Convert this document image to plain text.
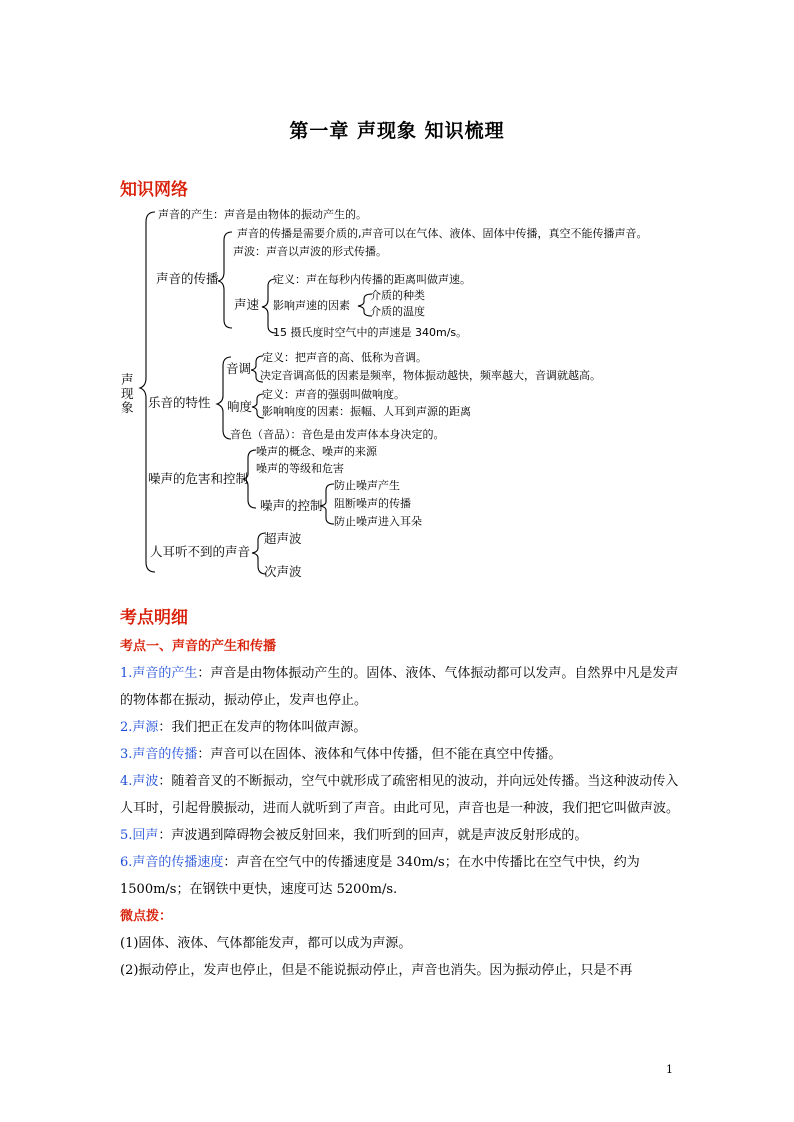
第一章 声现象 知识梳理
知识网络
声现象
声音的产生：声音是由物体的振动产生的。
声音的传播
声音的传播是需要介质的,声音可以在气体、液体、固体中传播，真空不能传播声音。
声波：声音以声波的形式传播。
声速
定义：声在每秒内传播的距离叫做声速。
影响声速的因素
介质的种类
介质的温度
15 摄氏度时空气中的声速是 340m/s。
乐音的特性
音调
定义：把声音的高、低称为音调。
决定音调高低的因素是频率，物体振动越快，频率越大，音调就越高。
响度
定义：声音的强弱叫做响度。
影响响度的因素：振幅、人耳到声源的距离
音色（音品）：音色是由发声体本身决定的。
噪声的危害和控制
噪声的概念、噪声的来源
噪声的等级和危害
噪声的控制
防止噪声产生
阻断噪声的传播
防止噪声进入耳朵
人耳听不到的声音
超声波
次声波
考点明细

考点一、声音的产生和传播

1.声音的产生：声音是由物体振动产生的。固体、液体、气体振动都可以发声。自然界中凡是发声的物体都在振动，振动停止，发声也停止。

2.声源：我们把正在发声的物体叫做声源。

3.声音的传播：声音可以在固体、液体和气体中传播，但不能在真空中传播。

4.声波：随着音叉的不断振动，空气中就形成了疏密相见的波动，并向远处传播。当这种波动传入人耳时，引起骨膜振动，进而人就听到了声音。由此可见，声音也是一种波，我们把它叫做声波。

5.回声：声波遇到障碍物会被反射回来，我们听到的回声，就是声波反射形成的。

6.声音的传播速度：声音在空气中的传播速度是 340m/s；在水中传播比在空气中快，约为 1500m/s；在钢铁中更快，速度可达 5200m/s.

微点拨：

(1)固体、液体、气体都能发声，都可以成为声源。

(2)振动停止，发声也停止，但是不能说振动停止，声音也消失。因为振动停止，只是不再

1
